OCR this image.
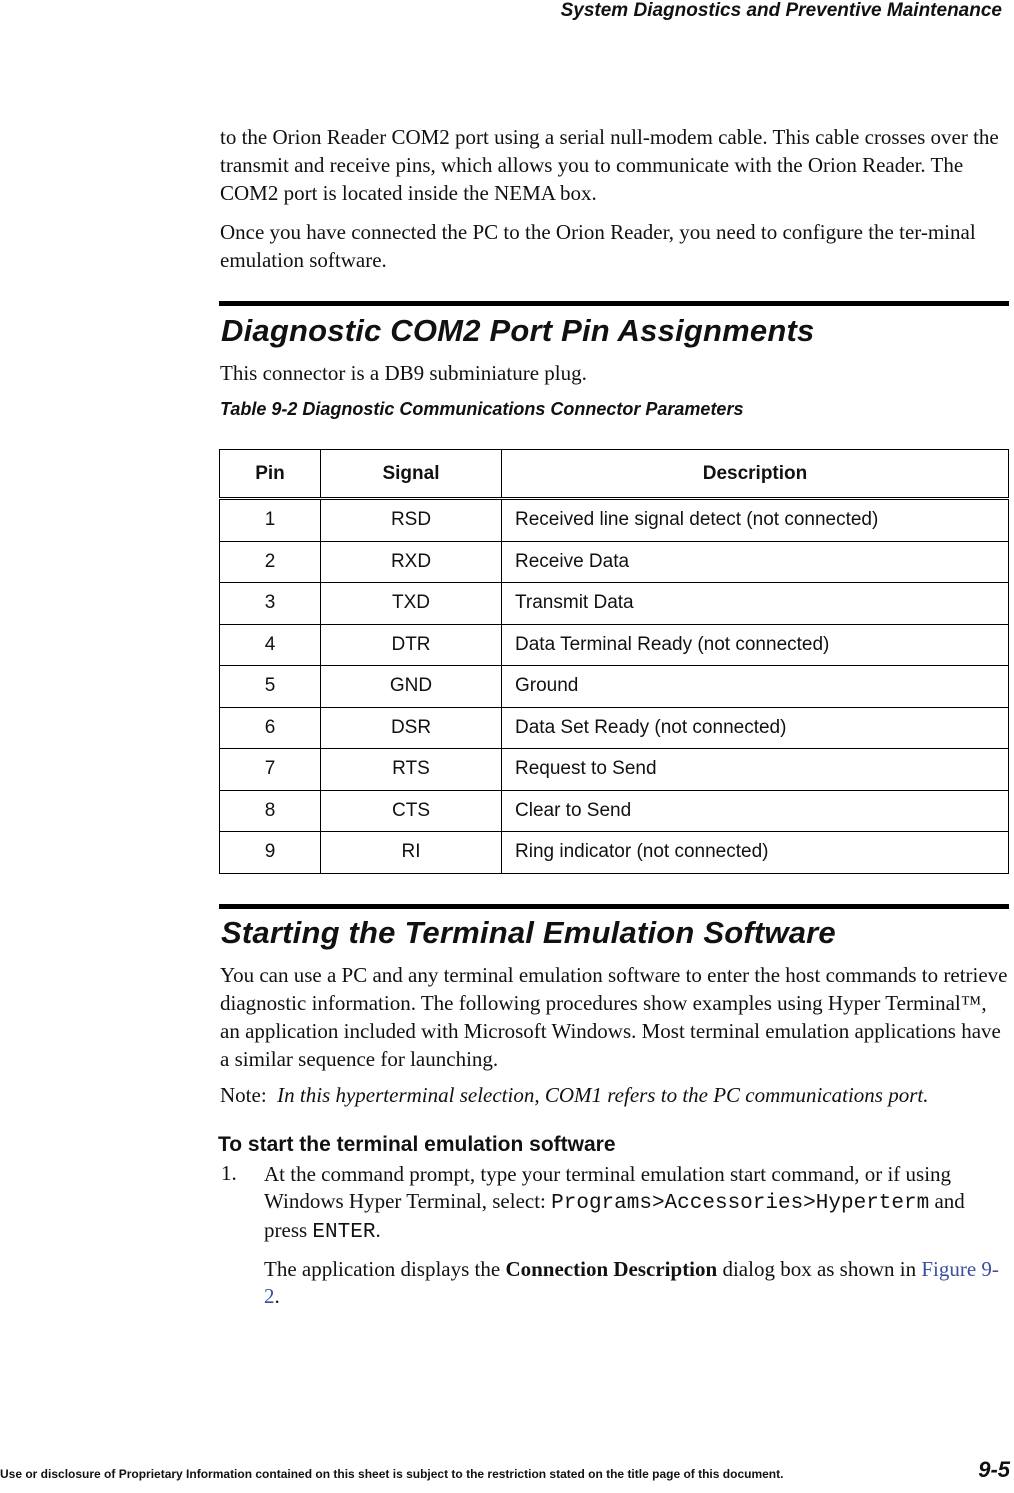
System Diagnostics and Preventive Maintenance
to the Orion Reader COM2 port using a serial null-modem cable. This cable crosses over the transmit and receive pins, which allows you to communicate with the Orion Reader. The COM2 port is located inside the NEMA box.
Once you have connected the PC to the Orion Reader, you need to configure the ter-minal emulation software.
Diagnostic COM2 Port Pin Assignments
This connector is a DB9 subminiature plug.
Table 9-2 Diagnostic Communications Connector Parameters
Pin	Signal	Description
1	RSD	Received line signal detect (not connected)
2	RXD	Receive Data
3	TXD	Transmit Data
4	DTR	Data Terminal Ready (not connected)
5	GND	Ground
6	DSR	Data Set Ready (not connected)
7	RTS	Request to Send
8	CTS	Clear to Send
9	RI	Ring indicator (not connected)
Starting the Terminal Emulation Software
You can use a PC and any terminal emulation software to enter the host commands to retrieve diagnostic information. The following procedures show examples using Hyper Terminal™, an application included with Microsoft Windows. Most terminal emulation applications have a similar sequence for launching.
Note: In this hyperterminal selection, COM1 refers to the PC communications port.
To start the terminal emulation software
1. At the command prompt, type your terminal emulation start command, or if using Windows Hyper Terminal, select: Programs>Accessories>Hyperterm and press ENTER.
The application displays the Connection Description dialog box as shown in Figure 9-2.
Use or disclosure of Proprietary Information contained on this sheet is subject to the restriction stated on the title page of this document.	9-5
